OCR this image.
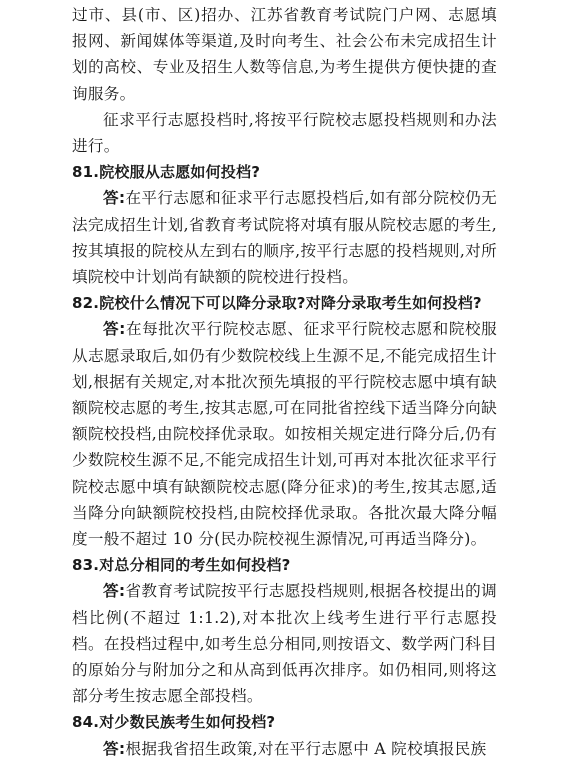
过市、县(市、区)招办、江苏省教育考试院门户网、志愿填报网、新闻媒体等渠道,及时向考生、社会公布未完成招生计划的高校、专业及招生人数等信息,为考生提供方便快捷的查询服务。

征求平行志愿投档时,将按平行院校志愿投档规则和办法进行。

81.院校服从志愿如何投档?

答:在平行志愿和征求平行志愿投档后,如有部分院校仍无法完成招生计划,省教育考试院将对填有服从院校志愿的考生,按其填报的院校从左到右的顺序,按平行志愿的投档规则,对所填院校中计划尚有缺额的院校进行投档。

82.院校什么情况下可以降分录取?对降分录取考生如何投档?

答:在每批次平行院校志愿、征求平行院校志愿和院校服从志愿录取后,如仍有少数院校线上生源不足,不能完成招生计划,根据有关规定,对本批次预先填报的平行院校志愿中填有缺额院校志愿的考生,按其志愿,可在同批省控线下适当降分向缺额院校投档,由院校择优录取。如按相关规定进行降分后,仍有少数院校生源不足,不能完成招生计划,可再对本批次征求平行院校志愿中填有缺额院校志愿(降分征求)的考生,按其志愿,适当降分向缺额院校投档,由院校择优录取。各批次最大降分幅度一般不超过 10 分(民办院校视生源情况,可再适当降分)。

83.对总分相同的考生如何投档?

答:省教育考试院按平行志愿投档规则,根据各校提出的调档比例(不超过 1:1.2),对本批次上线考生进行平行志愿投档。在投档过程中,如考生总分相同,则按语文、数学两门科目的原始分与附加分之和从高到低再次排序。如仍相同,则将这部分考生按志愿全部投档。

84.对少数民族考生如何投档?

答:根据我省招生政策,对在平行志愿中 A 院校填报民族
